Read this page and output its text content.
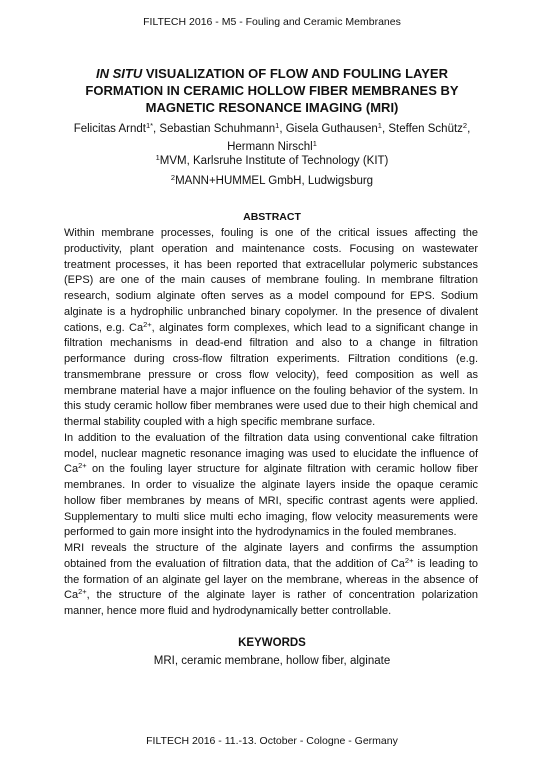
FILTECH 2016 - M5 - Fouling and Ceramic Membranes
IN SITU VISUALIZATION OF FLOW AND FOULING LAYER FORMATION IN CERAMIC HOLLOW FIBER MEMBRANES BY MAGNETIC RESONANCE IMAGING (MRI)
Felicitas Arndt$^{1*}$, Sebastian Schuhmann$^1$, Gisela Guthausen$^1$, Steffen Schütz$^2$, Hermann Nirschl$^1$
$^1$MVM, Karlsruhe Institute of Technology (KIT)
$^2$MANN+HUMMEL GmbH, Ludwigsburg
ABSTRACT

Within membrane processes, fouling is one of the critical issues affecting the productivity, plant operation and maintenance costs. Focusing on wastewater treatment processes, it has been reported that extracellular polymeric substances (EPS) are one of the main causes of membrane fouling. In membrane filtration research, sodium alginate often serves as a model compound for EPS. Sodium alginate is a hydrophilic unbranched binary copolymer. In the presence of divalent cations, e.g. $Ca^{2+}$, alginates form complexes, which lead to a significant change in filtration mechanisms in dead-end filtration and also to a change in filtration performance during cross-flow filtration experiments. Filtration conditions (e.g. transmembrane pressure or cross flow velocity), feed composition as well as membrane material have a major influence on the fouling behavior of the system. In this study ceramic hollow fiber membranes were used due to their high chemical and thermal stability coupled with a high specific membrane surface.

In addition to the evaluation of the filtration data using conventional cake filtration model, nuclear magnetic resonance imaging was used to elucidate the influence of $Ca^{2+}$ on the fouling layer structure for alginate filtration with ceramic hollow fiber membranes. In order to visualize the alginate layers inside the opaque ceramic hollow fiber membranes by means of MRI, specific contrast agents were applied. Supplementary to multi slice multi echo imaging, flow velocity measurements were performed to gain more insight into the hydrodynamics in the fouled membranes.

MRI reveals the structure of the alginate layers and confirms the assumption obtained from the evaluation of filtration data, that the addition of $Ca^{2+}$ is leading to the formation of an alginate gel layer on the membrane, whereas in the absence of $Ca^{2+}$, the structure of the alginate layer is rather of concentration polarization manner, hence more fluid and hydrodynamically better controllable.

KEYWORDS
MRI, ceramic membrane, hollow fiber, alginate
FILTECH 2016 - 11.-13. October - Cologne - Germany
